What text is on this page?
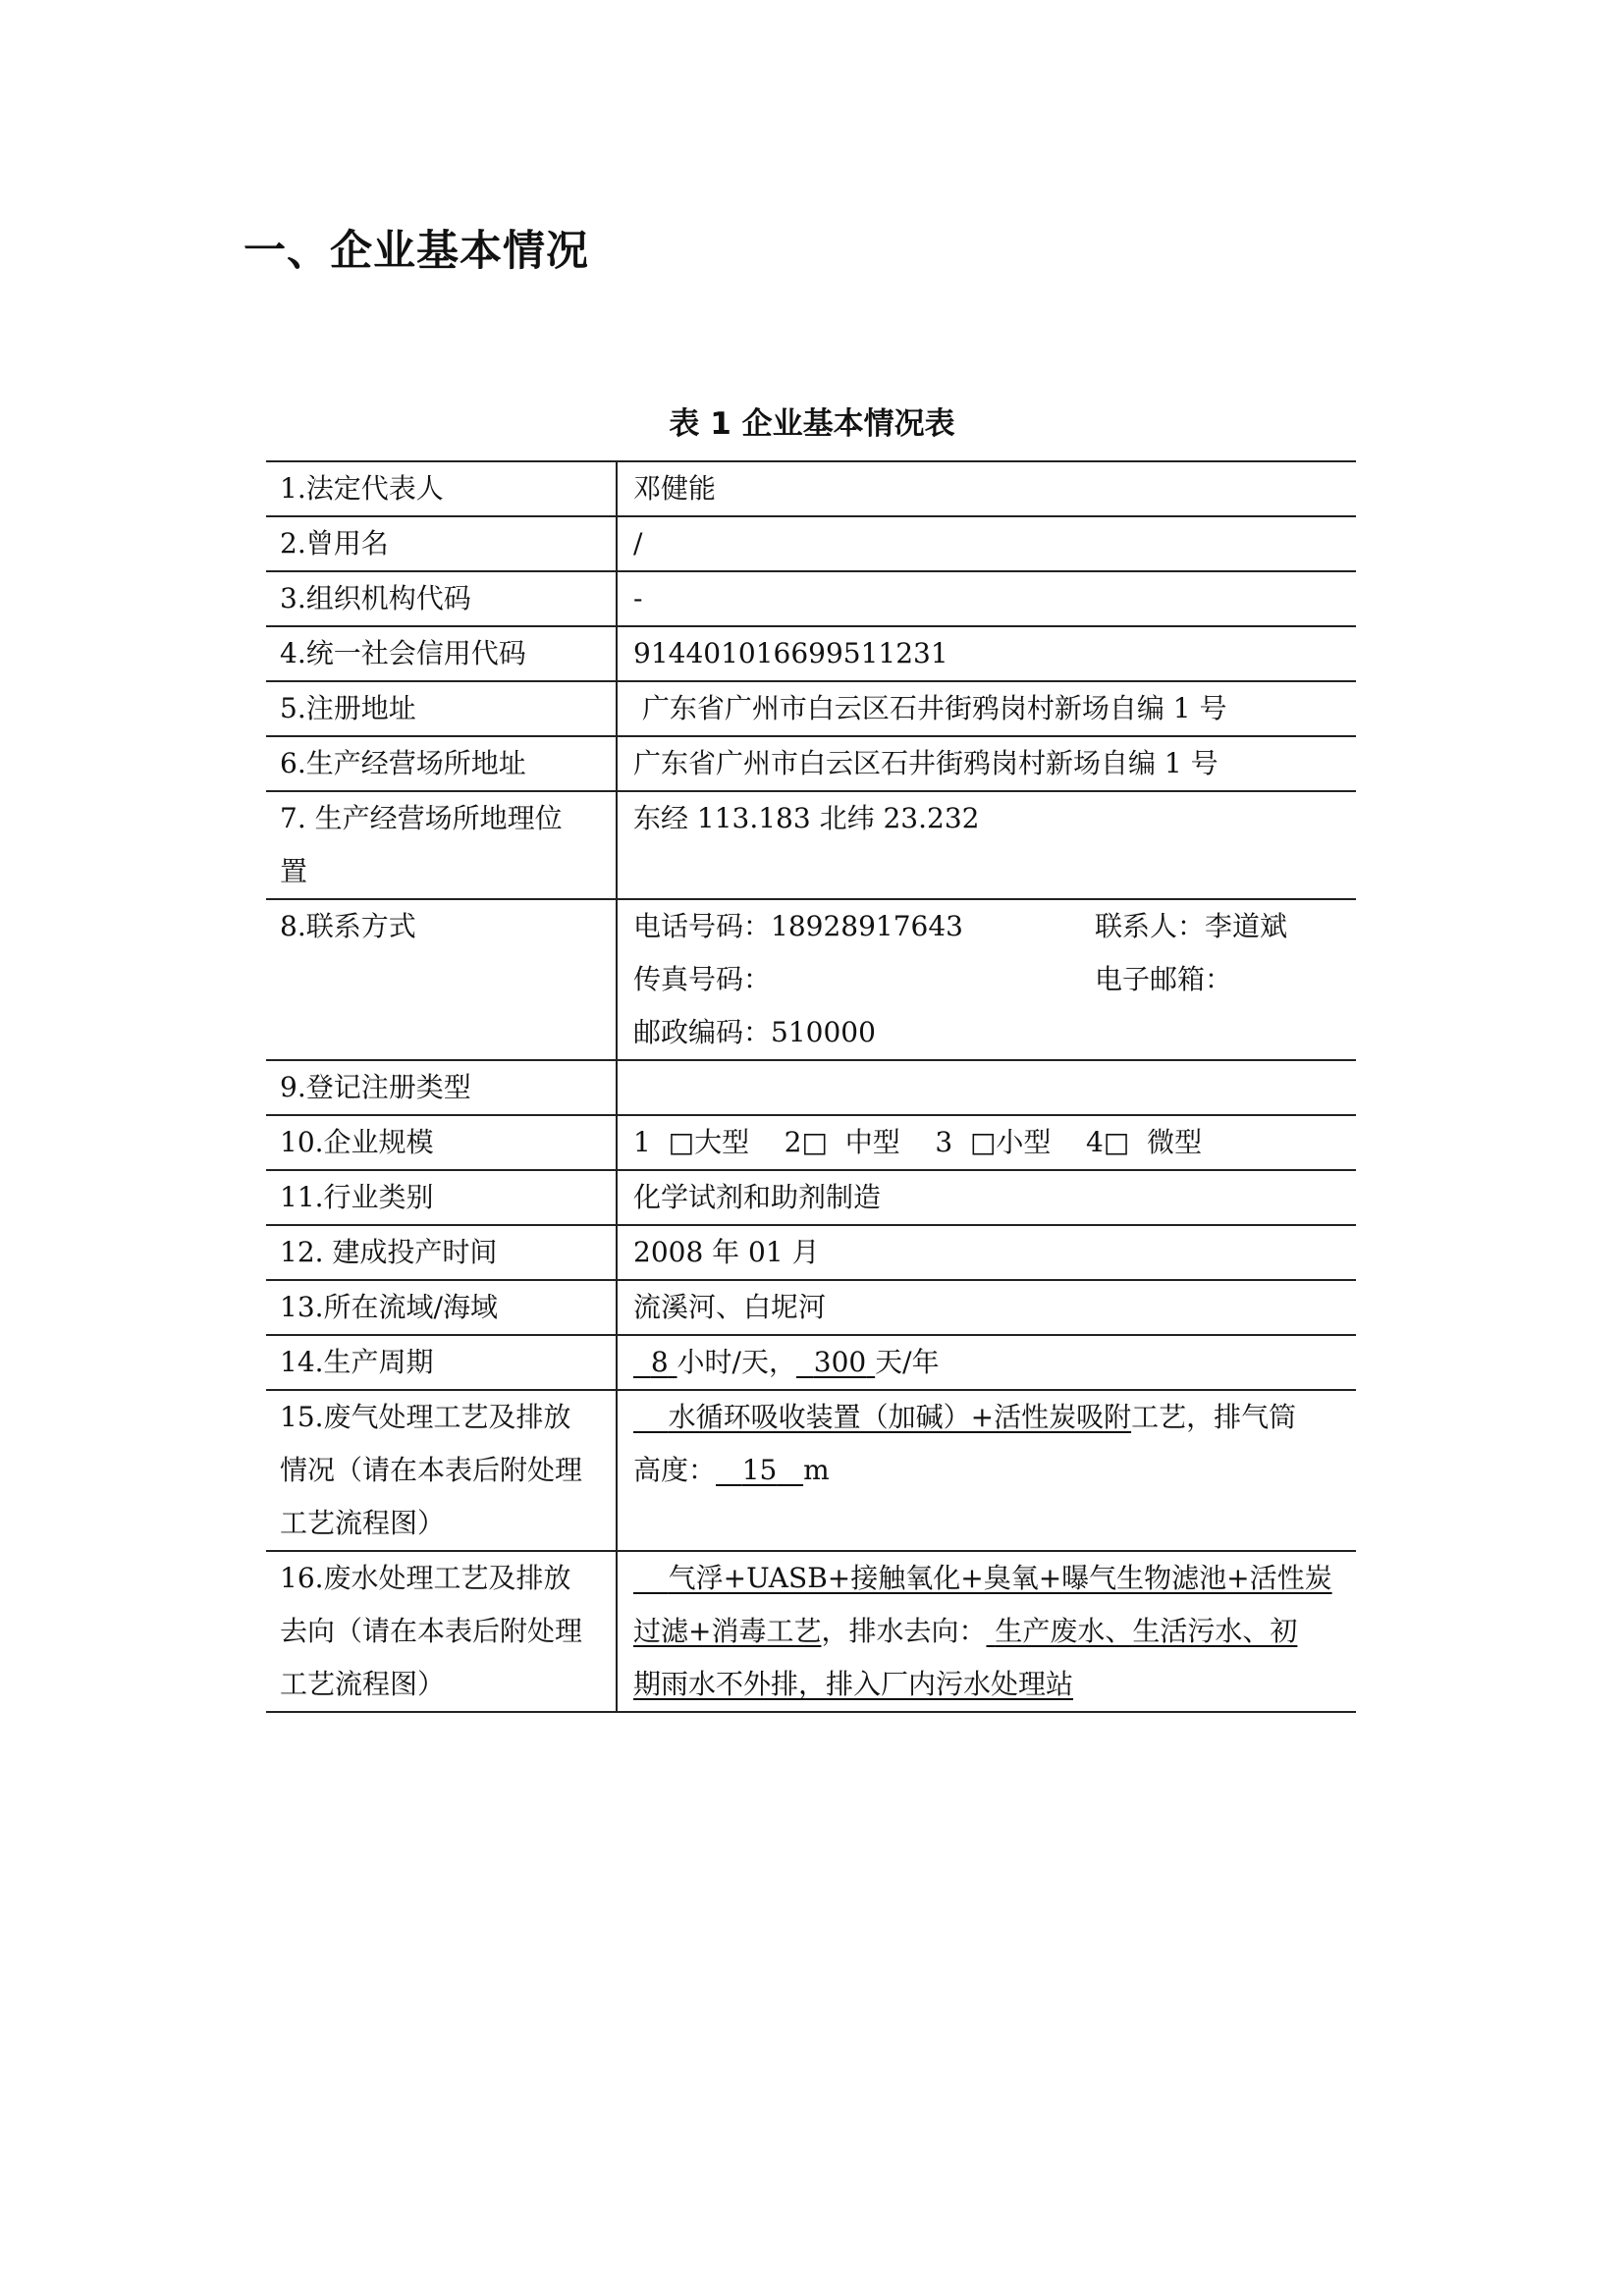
一、企业基本情况
表 1 企业基本情况表
1.法定代表人	邓健能
2.曾用名	/
3.组织机构代码	-
4.统一社会信用代码	914401016699511231
5.注册地址	广东省广州市白云区石井街鸦岗村新场自编 1 号
6.生产经营场所地址	广东省广州市白云区石井街鸦岗村新场自编 1 号

7. 生产经营场所地理位
置	东经 113.183 北纬 23.232
8.联系方式	电话号码：18928917643 联系人：李道斌
传真号码： 电子邮箱：
邮政编码：510000

9.登记注册类型	
10.企业规模	1  □大型    2□  中型    3  □小型    4□  微型
11.行业类别	化学试剂和助剂制造
12. 建成投产时间	2008 年 01 月
13.所在流域/海域	流溪河、白坭河
14.生产周期	8 小时/天， 300 天/年

15.废气处理工艺及排放
情况（请在本表后附处理
工艺流程图）	水循环吸收装置（加碱）+活性炭吸附工艺，排气筒
高度： 15 m

16.废水处理工艺及排放
去向（请在本表后附处理
工艺流程图）	气浮+UASB+接触氧化+臭氧+曝气生物滤池+活性炭
过滤+消毒工艺，排水去向： 生产废水、生活污水、初
期雨水不外排，排入厂内污水处理站
